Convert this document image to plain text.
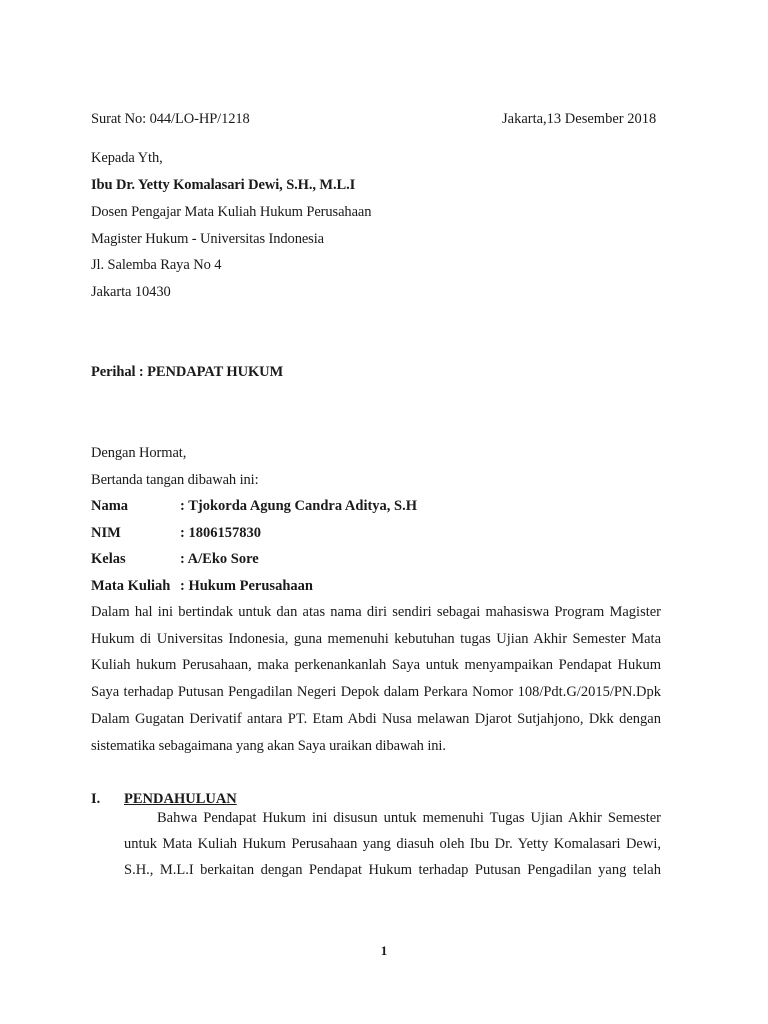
Surat No: 044/LO-HP/1218	Jakarta,13 Desember 2018
Kepada Yth,
Ibu Dr. Yetty Komalasari Dewi, S.H., M.L.I
Dosen Pengajar Mata Kuliah Hukum Perusahaan
Magister Hukum - Universitas Indonesia
Jl. Salemba Raya No 4
Jakarta 10430
Perihal : PENDAPAT HUKUM
Dengan Hormat,
Bertanda tangan dibawah ini:
Nama	: Tjokorda Agung Candra Aditya, S.H
NIM	: 1806157830
Kelas	: A/Eko Sore
Mata Kuliah : Hukum Perusahaan
Dalam hal ini bertindak untuk dan atas nama diri sendiri sebagai mahasiswa Program Magister
Hukum di Universitas Indonesia, guna memenuhi kebutuhan tugas Ujian Akhir Semester Mata
Kuliah hukum Perusahaan, maka perkenankanlah Saya untuk menyampaikan Pendapat Hukum
Saya terhadap Putusan Pengadilan Negeri Depok dalam Perkara Nomor 108/Pdt.G/2015/PN.Dpk
Dalam Gugatan Derivatif antara PT. Etam Abdi Nusa melawan Djarot Sutjahjono, Dkk dengan
sistematika sebagaimana yang akan Saya uraikan dibawah ini.
I. PENDAHULUAN
Bahwa Pendapat Hukum ini disusun untuk memenuhi Tugas Ujian Akhir Semester
untuk Mata Kuliah Hukum Perusahaan yang diasuh oleh Ibu Dr. Yetty Komalasari Dewi,
S.H., M.L.I berkaitan dengan Pendapat Hukum terhadap Putusan Pengadilan yang telah
1
